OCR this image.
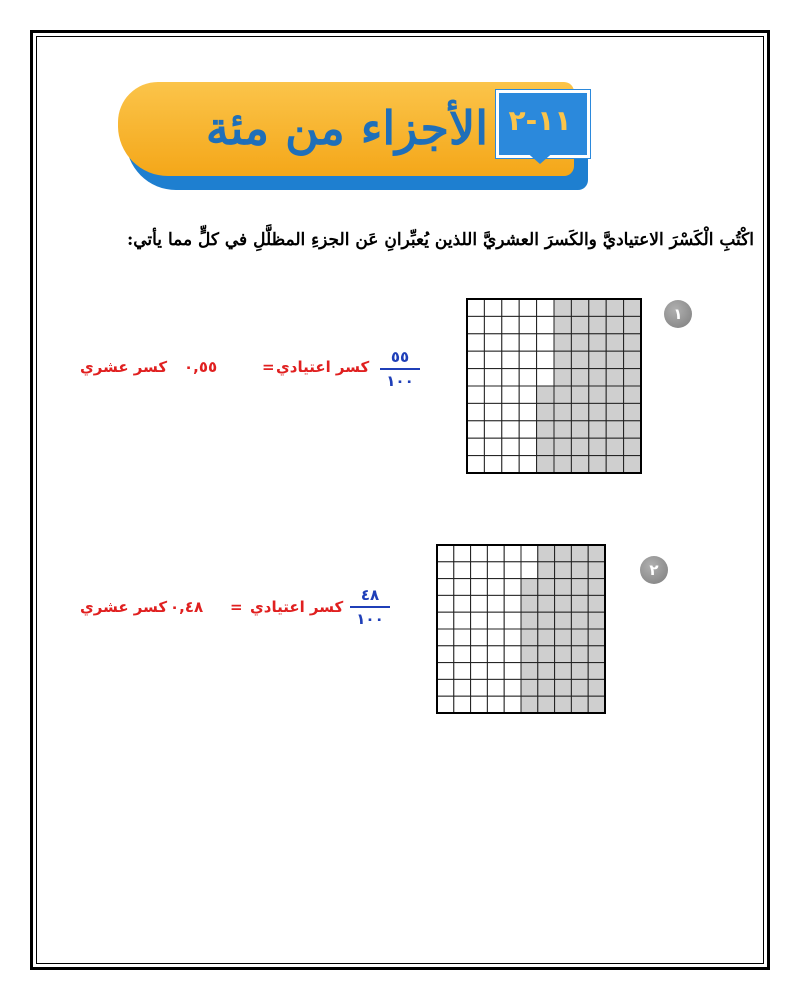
الأجزاء من مئة ١١-٢
اكْتُبِ الْكَسْرَ الاعتياديَّ والكَسرَ العشريَّ اللذين يُعبِّرانِ عَن الجزءِ المظلَّلِ في كلٍّ مما يأتي:
١
كسر عشري ٠,٥٥	= كسر اعتيادي
٥٥
١٠٠
٢
كسر عشري ٠,٤٨ = كسر اعتيادي
٤٨
١٠٠
